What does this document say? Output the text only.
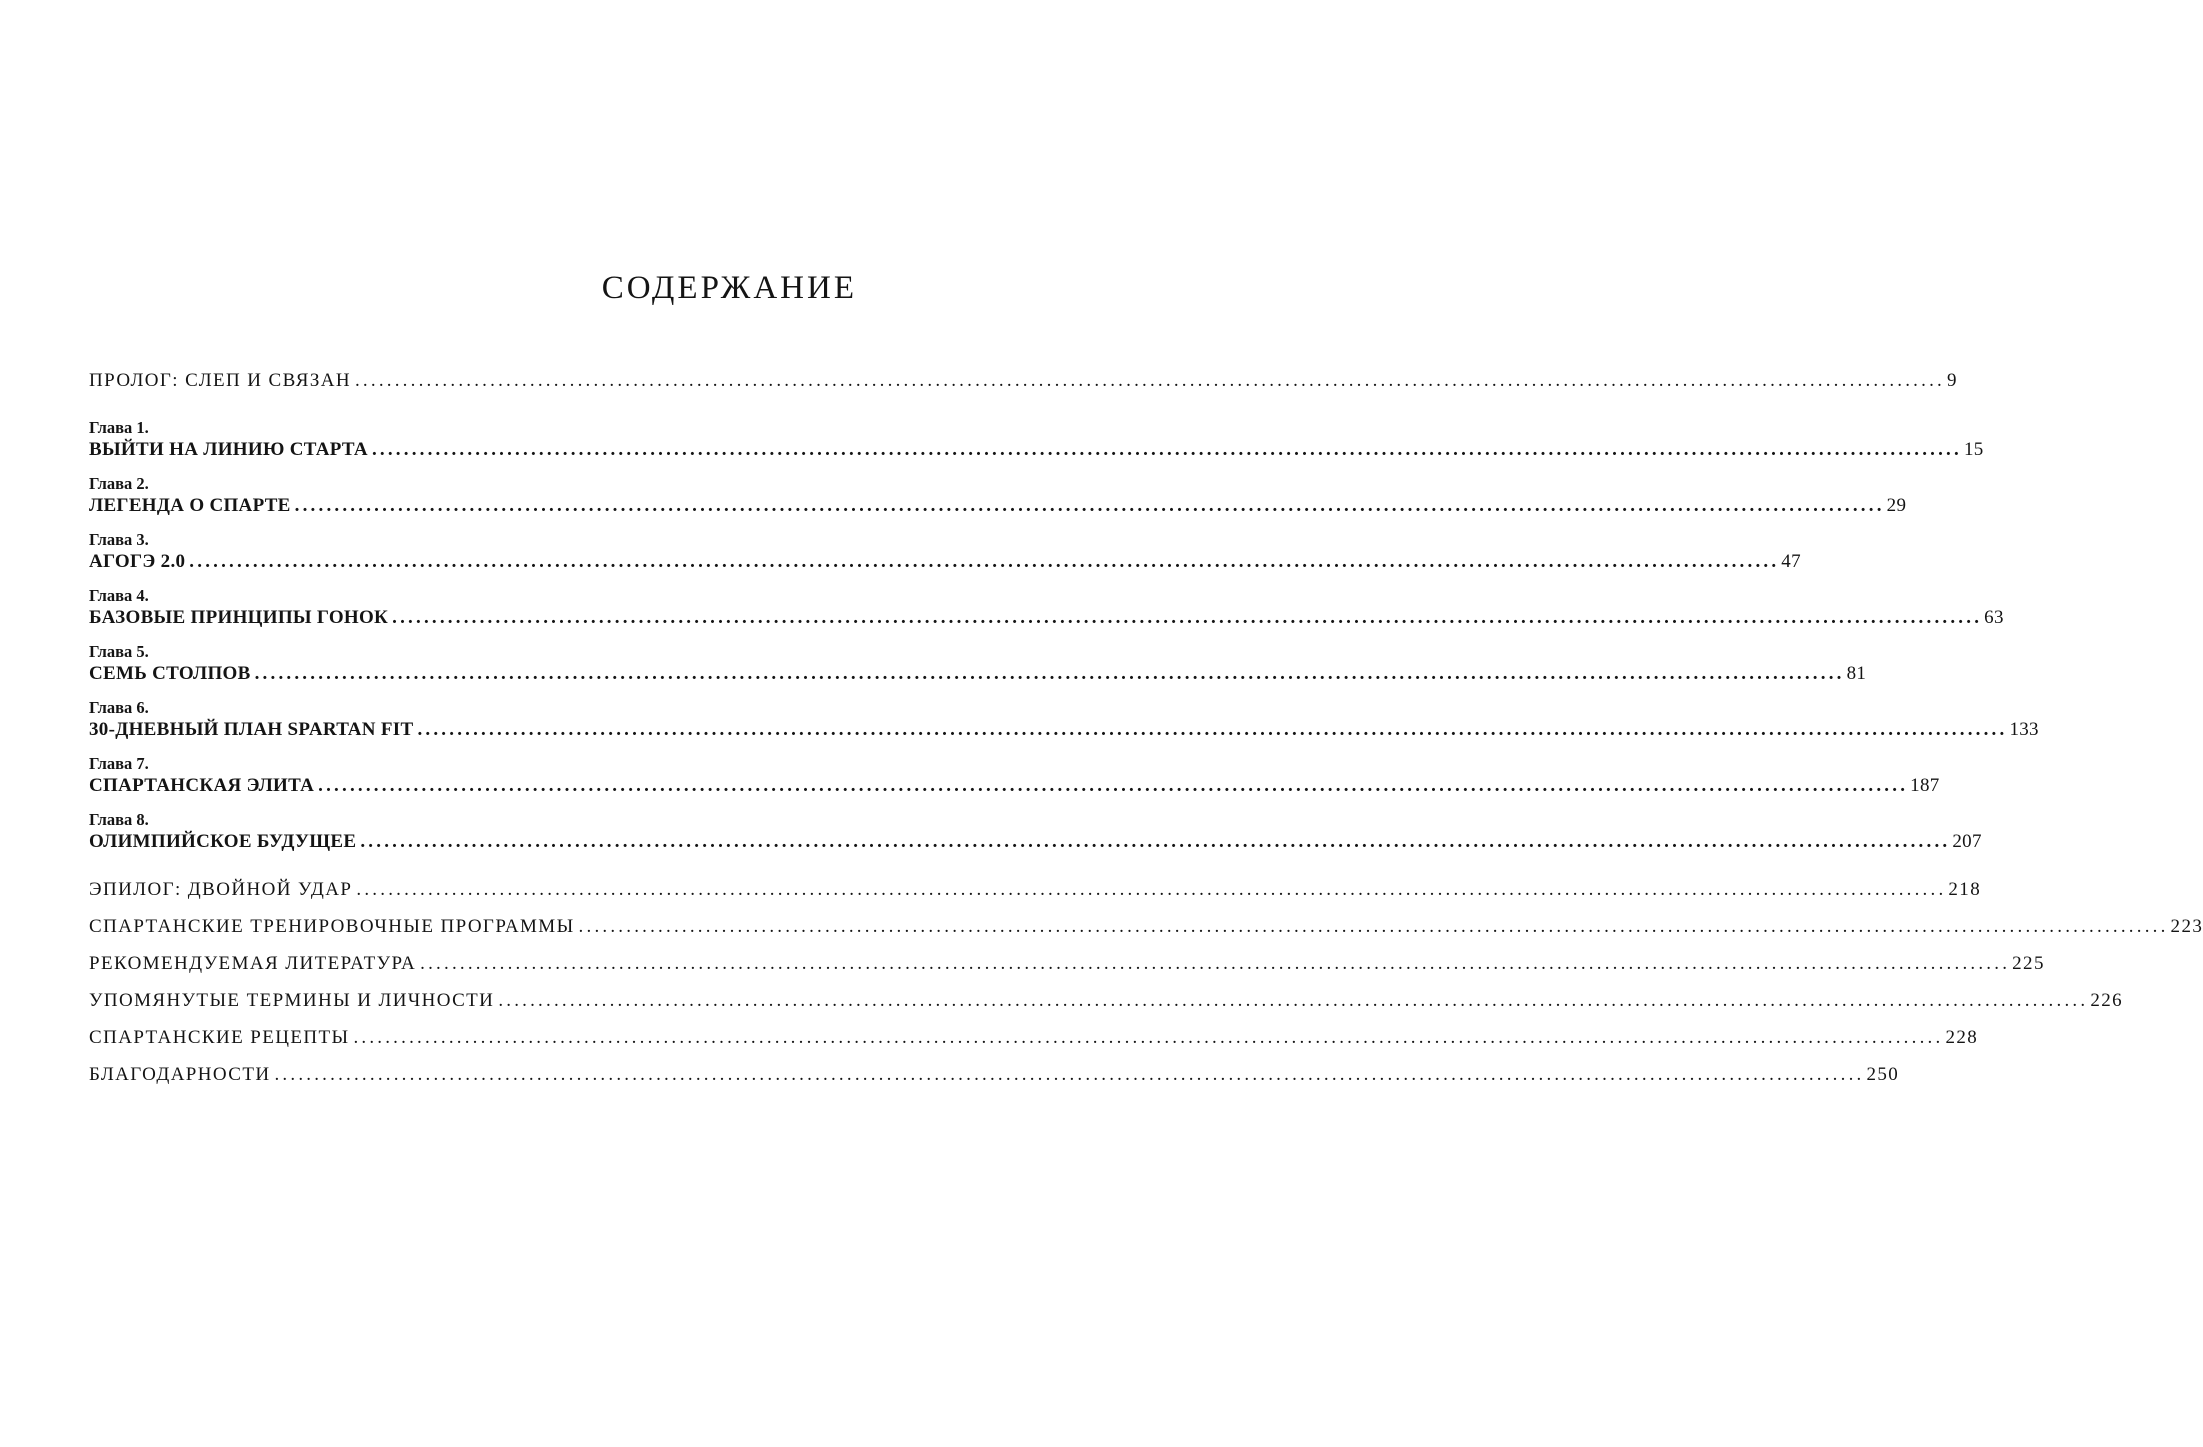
СОДЕРЖАНИЕ
ПРОЛОГ: СЛЕП И СВЯЗАН ........................................................................................................................................................................................................ 9
Глава 1.
ВЫЙТИ НА ЛИНИЮ СТАРТА ........................................................................................................................................................................................................ 15
Глава 2.
ЛЕГЕНДА О СПАРТЕ ........................................................................................................................................................................................................ 29
Глава 3.
АГОГЭ 2.0 ........................................................................................................................................................................................................ 47
Глава 4.
БАЗОВЫЕ ПРИНЦИПЫ ГОНОК ........................................................................................................................................................................................................ 63
Глава 5.
СЕМЬ СТОЛПОВ ........................................................................................................................................................................................................ 81
Глава 6.
30-ДНЕВНЫЙ ПЛАН SPARTAN FIT ........................................................................................................................................................................................................ 133
Глава 7.
СПАРТАНСКАЯ ЭЛИТА ........................................................................................................................................................................................................ 187
Глава 8.
ОЛИМПИЙСКОЕ БУДУЩЕЕ ........................................................................................................................................................................................................ 207
ЭПИЛОГ: ДВОЙНОЙ УДАР ........................................................................................................................................................................................................ 218
СПАРТАНСКИЕ ТРЕНИРОВОЧНЫЕ ПРОГРАММЫ ........................................................................................................................................................................................................ 223
РЕКОМЕНДУЕМАЯ ЛИТЕРАТУРА ........................................................................................................................................................................................................ 225
УПОМЯНУТЫЕ ТЕРМИНЫ И ЛИЧНОСТИ ........................................................................................................................................................................................................ 226
СПАРТАНСКИЕ РЕЦЕПТЫ ........................................................................................................................................................................................................ 228
БЛАГОДАРНОСТИ ........................................................................................................................................................................................................ 250
